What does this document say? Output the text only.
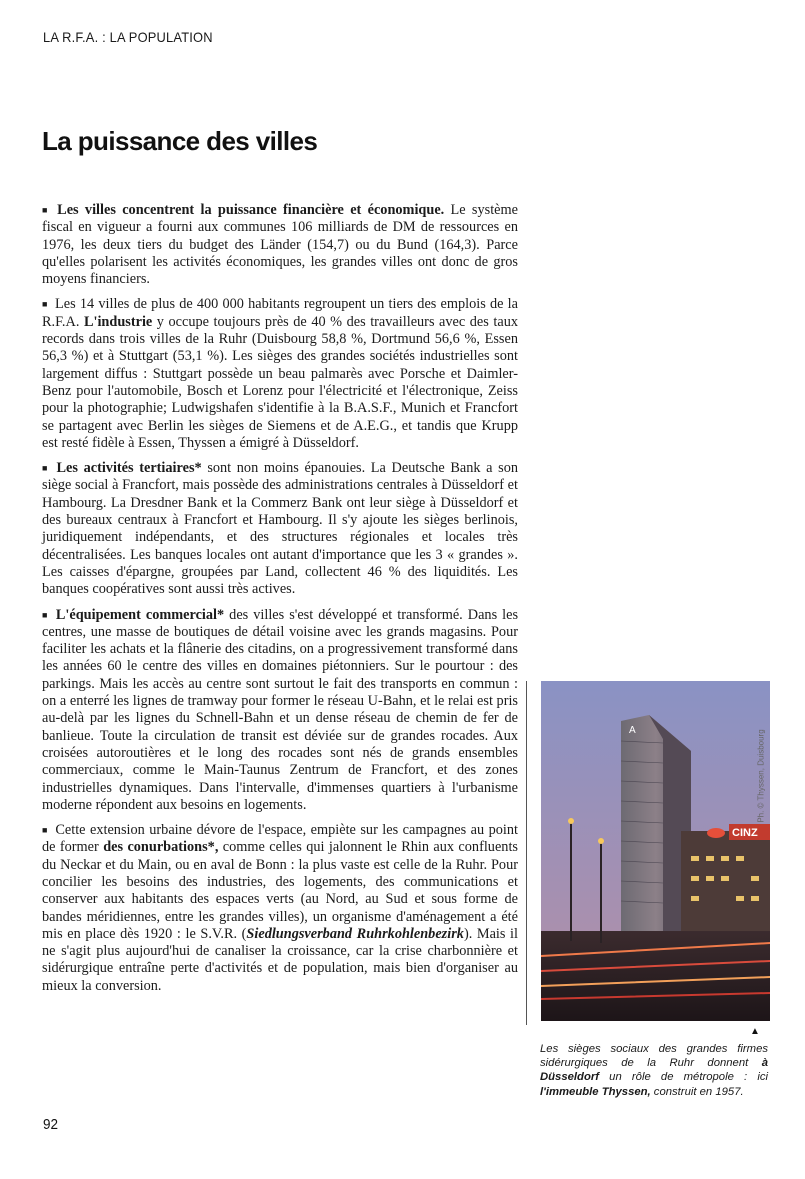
LA R.F.A. : LA POPULATION
La puissance des villes

■ Les villes concentrent la puissance financière et économique. Le système fiscal en vigueur a fourni aux communes 106 milliards de DM de ressources en 1976, les deux tiers du budget des Länder (154,7) ou du Bund (164,3). Parce qu'elles polarisent les activités économiques, les grandes villes ont donc de gros moyens financiers.

■ Les 14 villes de plus de 400 000 habitants regroupent un tiers des emplois de la R.F.A. L'industrie y occupe toujours près de 40 % des travailleurs avec des taux records dans trois villes de la Ruhr (Duisbourg 58,8 %, Dortmund 56,6 %, Essen 56,3 %) et à Stuttgart (53,1 %). Les sièges des grandes sociétés industrielles sont largement diffus : Stuttgart possède un beau palmarès avec Porsche et Daimler-Benz pour l'automobile, Bosch et Lorenz pour l'électricité et l'électronique, Zeiss pour la photographie; Ludwigshafen s'identifie à la B.A.S.F., Munich et Francfort se partagent avec Berlin les sièges de Siemens et de A.E.G., et tandis que Krupp est resté fidèle à Essen, Thyssen a émigré à Düsseldorf.

■ Les activités tertiaires* sont non moins épanouies. La Deutsche Bank a son siège social à Francfort, mais possède des administrations centrales à Düsseldorf et Hambourg. La Dresdner Bank et la Commerz Bank ont leur siège à Düsseldorf et des bureaux centraux à Francfort et Hambourg. Il s'y ajoute les sièges berlinois, juridiquement indépendants, et des structures régionales et locales très décentralisées. Les banques locales ont autant d'importance que les 3 « grandes ». Les caisses d'épargne, groupées par Land, collectent 46 % des liquidités. Les banques coopératives sont aussi très actives.

■ L'équipement commercial* des villes s'est développé et transformé. Dans les centres, une masse de boutiques de détail voisine avec les grands magasins. Pour faciliter les achats et la flânerie des citadins, on a progressivement transformé dans les années 60 le centre des villes en domaines piétonniers. Sur le pourtour : des parkings. Mais les accès au centre sont surtout le fait des transports en commun : on a enterré les lignes de tramway pour former le réseau U-Bahn, et le relai est pris au-delà par les lignes du Schnell-Bahn et un dense réseau de chemin de fer de banlieue. Toute la circulation de transit est déviée sur de grandes rocades. Aux croisées autoroutières et le long des rocades sont nés de grands ensembles commerciaux, comme le Main-Taunus Zentrum de Francfort, et des zones industrielles dynamiques. Dans l'intervalle, d'immenses quartiers à l'urbanisme moderne répondent aux besoins en logements.

■ Cette extension urbaine dévore de l'espace, empiète sur les campagnes au point de former des conurbations*, comme celles qui jalonnent le Rhin aux confluents du Neckar et du Main, ou en aval de Bonn : la plus vaste est celle de la Ruhr. Pour concilier les besoins des industries, des logements, des communications et conserver aux habitants des espaces verts (au Nord, au Sud et sous forme de bandes méridiennes, entre les grandes villes), un organisme d'aménagement a été mis en place dès 1920 : le S.V.R. (Siedlungsverband Ruhrkohlenbezirk). Mais il ne s'agit plus aujourd'hui de canaliser la croissance, car la crise charbonnière et sidérurgique entraîne perte d'activités et de population, mais bien d'organiser au mieux la conversion.

92
A
CINZ
Ph. © Thyssen, Duisbourg
▲

Les sièges sociaux des grandes firmes sidérurgiques de la Ruhr donnent à Düsseldorf un rôle de métropole : ici l'immeuble Thyssen, construit en 1957.
